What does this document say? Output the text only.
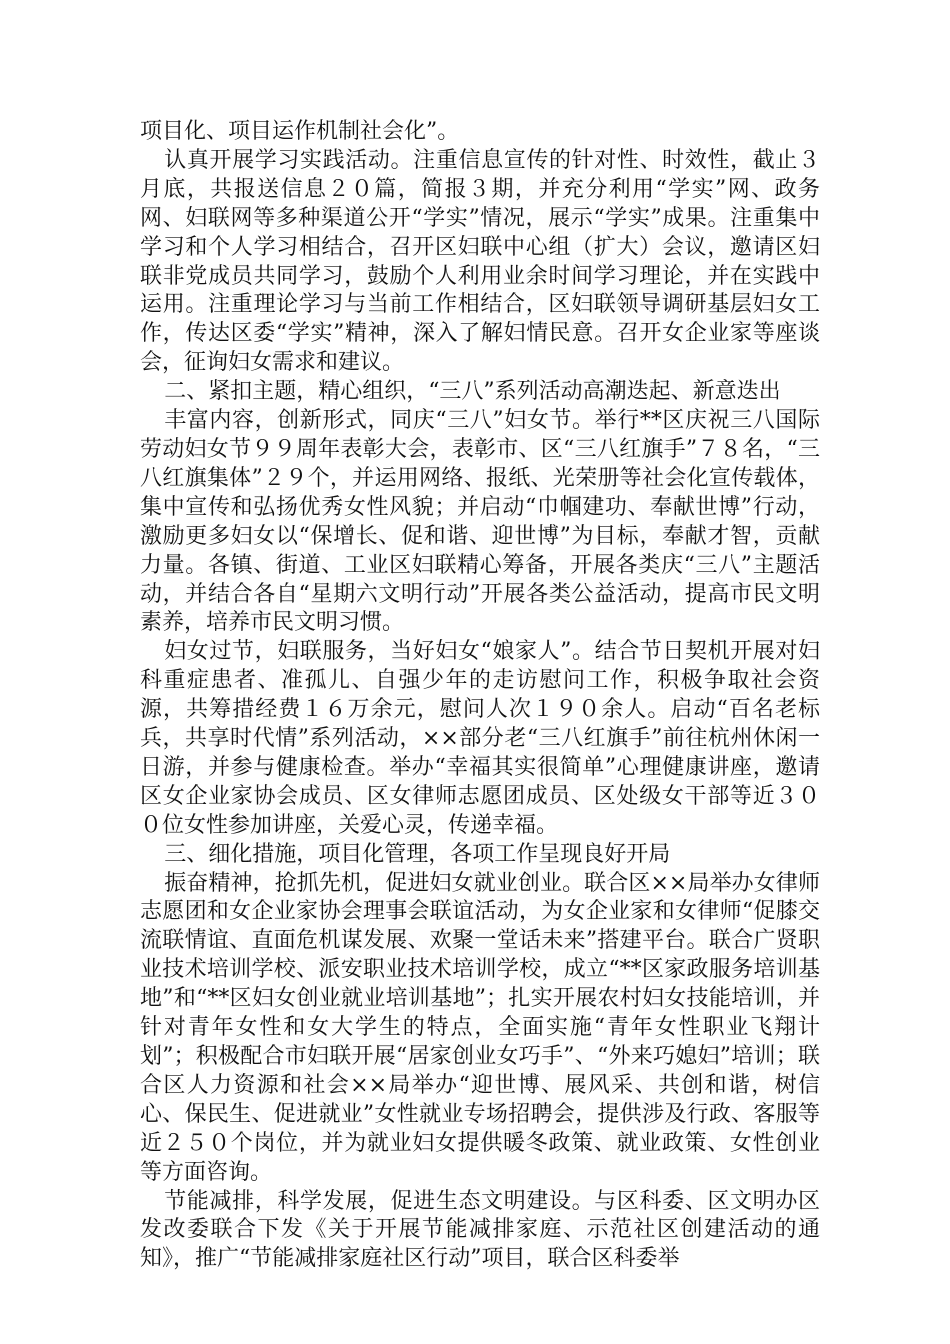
项目化、项目运作机制社会化”。

认真开展学习实践活动。注重信息宣传的针对性、时效性，截止３月底，共报送信息２０篇，简报３期，并充分利用“学实”网、政务网、妇联网等多种渠道公开“学实”情况，展示“学实”成果。注重集中学习和个人学习相结合，召开区妇联中心组（扩大）会议，邀请区妇联非党成员共同学习，鼓励个人利用业余时间学习理论，并在实践中运用。注重理论学习与当前工作相结合，区妇联领导调研基层妇女工作，传达区委“学实”精神，深入了解妇情民意。召开女企业家等座谈会，征询妇女需求和建议。

二、紧扣主题，精心组织，“三八”系列活动高潮迭起、新意迭出

丰富内容，创新形式，同庆“三八”妇女节。举行**区庆祝三八国际劳动妇女节９９周年表彰大会，表彰市、区“三八红旗手”７８名，“三八红旗集体”２９个，并运用网络、报纸、光荣册等社会化宣传载体，集中宣传和弘扬优秀女性风貌；并启动“巾帼建功、奉献世博”行动，激励更多妇女以“保增长、促和谐、迎世博”为目标，奉献才智，贡献力量。各镇、街道、工业区妇联精心筹备，开展各类庆“三八”主题活动，并结合各自“星期六文明行动”开展各类公益活动，提高市民文明素养，培养市民文明习惯。

妇女过节，妇联服务，当好妇女“娘家人”。结合节日契机开展对妇科重症患者、准孤儿、自强少年的走访慰问工作，积极争取社会资源，共筹措经费１６万余元，慰问人次１９０余人。启动“百名老标兵，共享时代情”系列活动，××部分老“三八红旗手”前往杭州休闲一日游，并参与健康检查。举办“幸福其实很简单”心理健康讲座，邀请区女企业家协会成员、区女律师志愿团成员、区处级女干部等近３００位女性参加讲座，关爱心灵，传递幸福。

三、细化措施，项目化管理，各项工作呈现良好开局

振奋精神，抢抓先机，促进妇女就业创业。联合区××局举办女律师志愿团和女企业家协会理事会联谊活动，为女企业家和女律师“促膝交流联情谊、直面危机谋发展、欢聚一堂话未来”搭建平台。联合广贤职业技术培训学校、派安职业技术培训学校，成立“**区家政服务培训基地”和“**区妇女创业就业培训基地”；扎实开展农村妇女技能培训，并针对青年女性和女大学生的特点，全面实施“青年女性职业飞翔计划”；积极配合市妇联开展“居家创业女巧手”、“外来巧媳妇”培训；联合区人力资源和社会××局举办“迎世博、展风采、共创和谐，树信心、保民生、促进就业”女性就业专场招聘会，提供涉及行政、客服等近２５０个岗位，并为就业妇女提供暖冬政策、就业政策、女性创业等方面咨询。

节能减排，科学发展，促进生态文明建设。与区科委、区文明办区发改委联合下发《关于开展节能减排家庭、示范社区创建活动的通知》，推广“节能减排家庭社区行动”项目，联合区科委举
